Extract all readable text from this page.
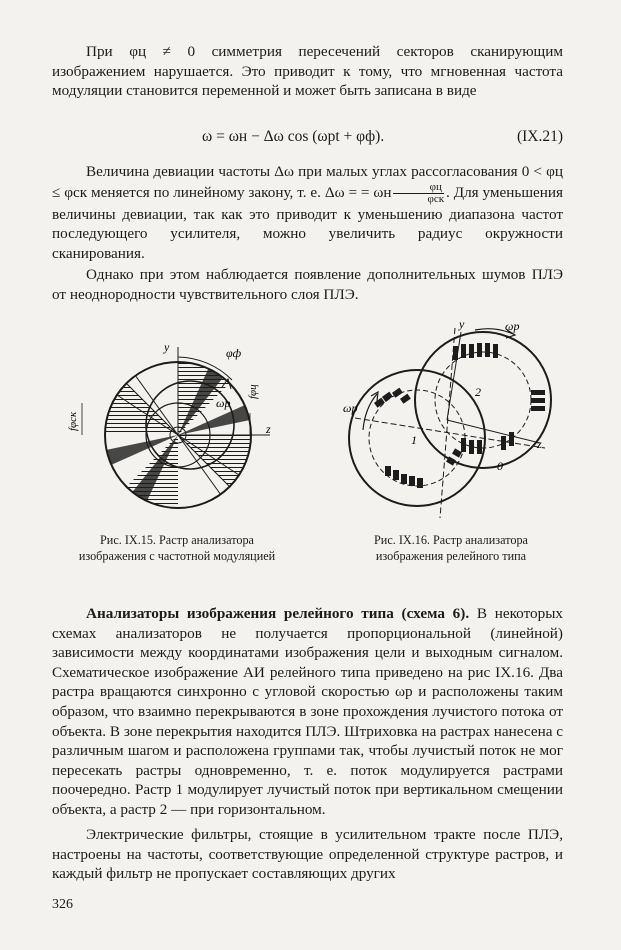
При φц ≠ 0 симметрия пересечений секторов сканирующим изображением нарушается. Это приводит к тому, что мгновенная частота модуляции становится переменной и может быть записана в виде

ω = ωн − Δω cos (ωрt + φф).	(IX.21)

Величина девиации частоты Δω при малых углах рассогласования 0 < φц ≤ φск меняется по линейному закону, т. е. Δω = = ωн $\frac{\varphi ц}{\text{φск}}$ . Для уменьшения величины девиации, так как это приводит к уменьшению диапазона частот последующего усилителя, можно увеличить радиус окружности сканирования.

Однако при этом наблюдается появление дополнительных шумов ПЛЭ от неоднородности чувствительного слоя ПЛЭ.

y
z
φф
ωр
fφц
fφск
y
z
ωр
ωр
1
2
0

Рис. IX.15. Растр анализатора изображения с частотной модуляцией

Рис. IX.16. Растр анализатора изображения релейного типа

Анализаторы изображения релейного типа (схема 6). В некоторых схемах анализаторов не получается пропорциональной (линейной) зависимости между координатами изображения цели и выходным сигналом. Схематическое изображение АИ релейного типа приведено на рис IX.16. Два растра вращаются синхронно с угловой скоростью ωр и расположены таким образом, что взаимно перекрываются в зоне прохождения лучистого потока от объекта. В зоне перекрытия находится ПЛЭ. Штриховка на растрах нанесена с различным шагом и расположена группами так, чтобы лучистый поток не мог пересекать растры одновременно, т. е. поток модулируется растрами поочередно. Растр 1 модулирует лучистый поток при вертикальном смещении объекта, а растр 2 — при горизонтальном.

Электрические фильтры, стоящие в усилительном тракте после ПЛЭ, настроены на частоты, соответствующие определенной структуре растров, и каждый фильтр не пропускает составляющих других

326
